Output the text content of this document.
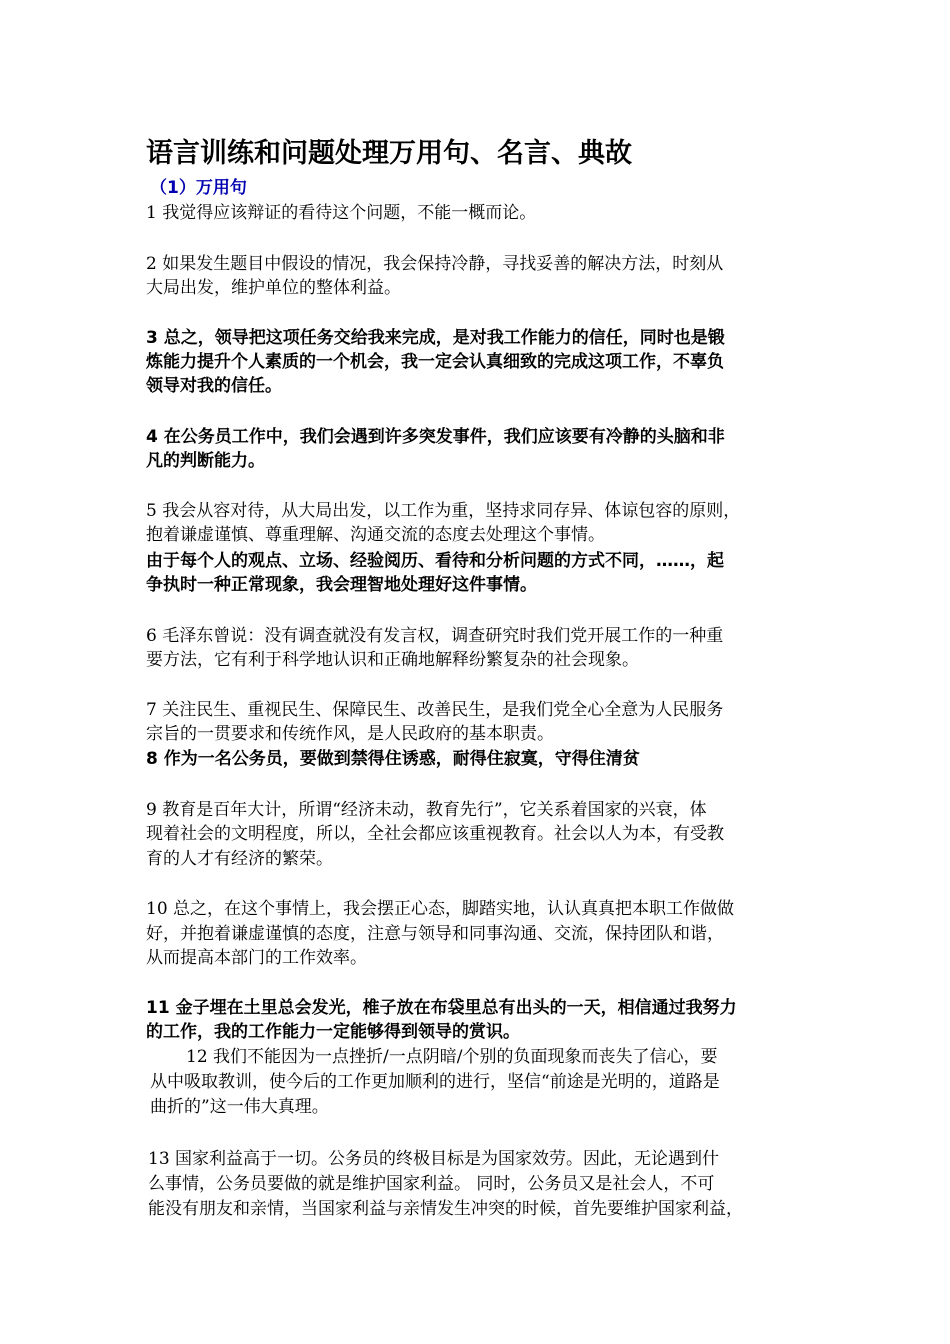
语言训练和问题处理万用句、名言、典故
（1）万用句
1 我觉得应该辩证的看待这个问题，不能一概而论。
2 如果发生题目中假设的情况，我会保持冷静，寻找妥善的解决方法，时刻从
大局出发，维护单位的整体利益。
3 总之，领导把这项任务交给我来完成，是对我工作能力的信任，同时也是锻
炼能力提升个人素质的一个机会，我一定会认真细致的完成这项工作，不辜负
领导对我的信任。
4 在公务员工作中，我们会遇到许多突发事件，我们应该要有冷静的头脑和非
凡的判断能力。
5 我会从容对待，从大局出发，以工作为重，坚持求同存异、体谅包容的原则，
抱着谦虚谨慎、尊重理解、沟通交流的态度去处理这个事情。
由于每个人的观点、立场、经验阅历、看待和分析问题的方式不同，……，起
争执时一种正常现象，我会理智地处理好这件事情。
6 毛泽东曾说：没有调查就没有发言权，调查研究时我们党开展工作的一种重
要方法，它有利于科学地认识和正确地解释纷繁复杂的社会现象。
7 关注民生、重视民生、保障民生、改善民生，是我们党全心全意为人民服务
宗旨的一贯要求和传统作风，是人民政府的基本职责。
8 作为一名公务员，要做到禁得住诱惑，耐得住寂寞，守得住清贫
9 教育是百年大计，所谓“经济未动，教育先行”，它关系着国家的兴衰，体
现着社会的文明程度，所以，全社会都应该重视教育。社会以人为本，有受教
育的人才有经济的繁荣。
10 总之，在这个事情上，我会摆正心态，脚踏实地，认认真真把本职工作做做
好，并抱着谦虚谨慎的态度，注意与领导和同事沟通、交流，保持团队和谐，
从而提高本部门的工作效率。
11 金子埋在土里总会发光，椎子放在布袋里总有出头的一天，相信通过我努力
的工作，我的工作能力一定能够得到领导的赏识。
12 我们不能因为一点挫折/一点阴暗/个别的负面现象而丧失了信心，要
从中吸取教训，使今后的工作更加顺利的进行，坚信“前途是光明的，道路是
曲折的”这一伟大真理。
13 国家利益高于一切。公务员的终极目标是为国家效劳。因此，无论遇到什
么事情，公务员要做的就是维护国家利益。 同时，公务员又是社会人，不可
能没有朋友和亲情，当国家利益与亲情发生冲突的时候，首先要维护国家利益，
